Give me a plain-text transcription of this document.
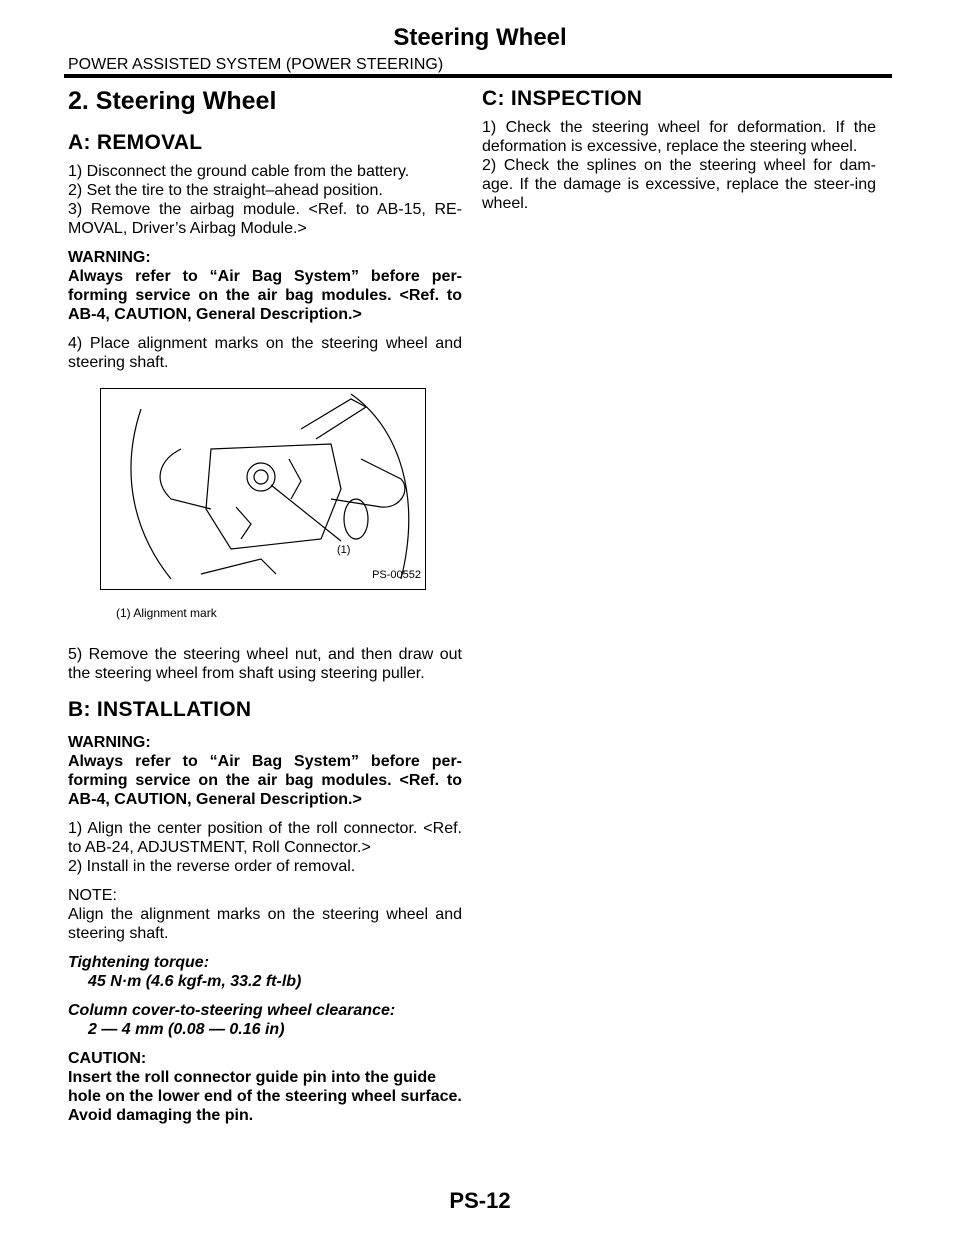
Steering Wheel
POWER ASSISTED SYSTEM (POWER STEERING)
2. Steering Wheel
A: REMOVAL

1) Disconnect the ground cable from the battery.

2) Set the tire to the straight–ahead position.

3) Remove the airbag module. <Ref. to AB-15, RE-MOVAL, Driver’s Airbag Module.>

WARNING:

Always refer to “Air Bag System” before per-forming service on the air bag modules. <Ref. to AB-4, CAUTION, General Description.>

4) Place alignment marks on the steering wheel and steering shaft.

(1)
PS-00552
(1) Alignment mark

5) Remove the steering wheel nut, and then draw out the steering wheel from shaft using steering puller.

B: INSTALLATION

WARNING:

Always refer to “Air Bag System” before per-forming service on the air bag modules. <Ref. to AB-4, CAUTION, General Description.>

1) Align the center position of the roll connector. <Ref. to AB-24, ADJUSTMENT, Roll Connector.>

2) Install in the reverse order of removal.

NOTE:

Align the alignment marks on the steering wheel and steering shaft.

Tightening torque:

45 N·m (4.6 kgf-m, 33.2 ft-lb)

Column cover-to-steering wheel clearance:

2 — 4 mm (0.08 — 0.16 in)

CAUTION:

Insert the roll connector guide pin into the guide hole on the lower end of the steering wheel surface. Avoid damaging the pin.

C: INSPECTION

1) Check the steering wheel for deformation. If the deformation is excessive, replace the steering wheel.

2) Check the splines on the steering wheel for dam-age. If the damage is excessive, replace the steer-ing wheel.

PS-12
